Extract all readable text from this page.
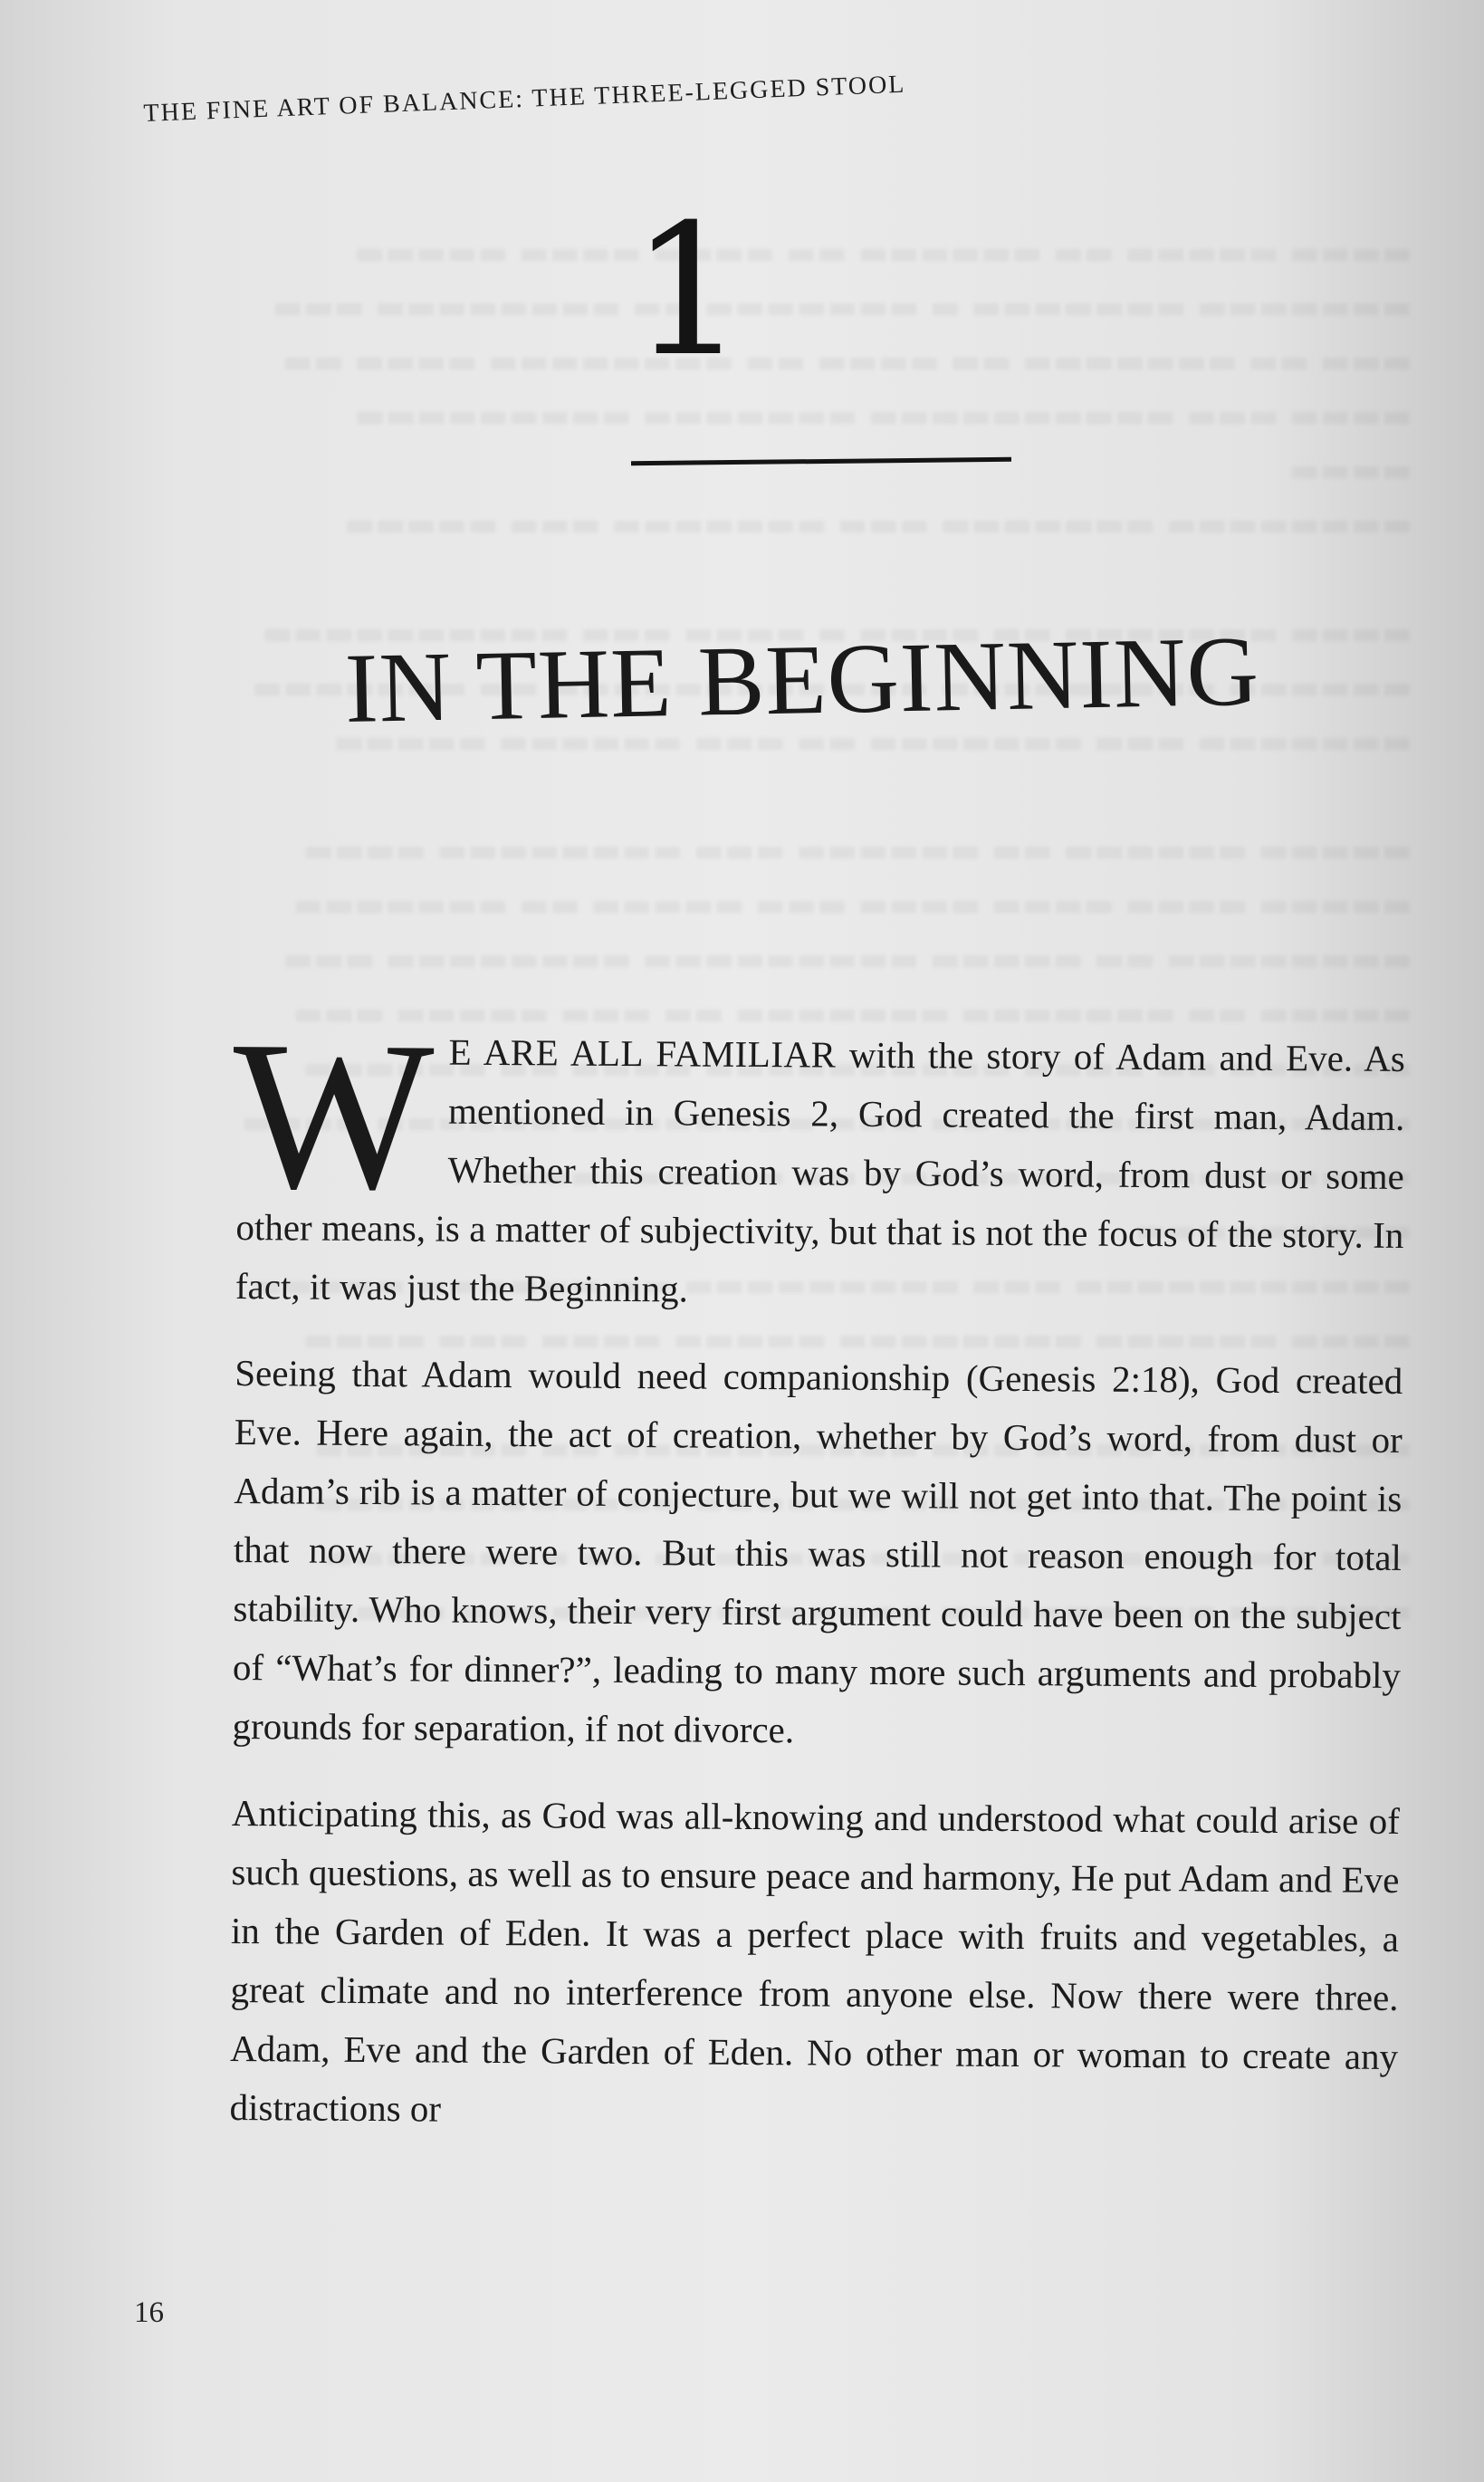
THE FINE ART OF BALANCE: THE THREE-LEGGED STOOL
1
IN THE BEGINNING

W E ARE ALL FAMILIAR with the story of Adam and Eve. As mentioned in Genesis 2, God created the first man, Adam. Whether this creation was by God’s word, from dust or some other means, is a matter of subjectivity, but that is not the focus of the story. In fact, it was just the Beginning.

Seeing that Adam would need companionship (Genesis 2:18), God created Eve. Here again, the act of creation, whether by God’s word, from dust or Adam’s rib is a matter of conjecture, but we will not get into that. The point is that now there were two. But this was still not reason enough for total stability. Who knows, their very first argument could have been on the subject of “What’s for dinner?”, leading to many more such arguments and probably grounds for separation, if not divorce.

Anticipating this, as God was all-knowing and understood what could arise of such questions, as well as to ensure peace and harmony, He put Adam and Eve in the Garden of Eden. It was a perfect place with fruits and vegetables, a great climate and no interference from anyone else. Now there were three. Adam, Eve and the Garden of Eden. No other man or woman to create any distractions or

16
